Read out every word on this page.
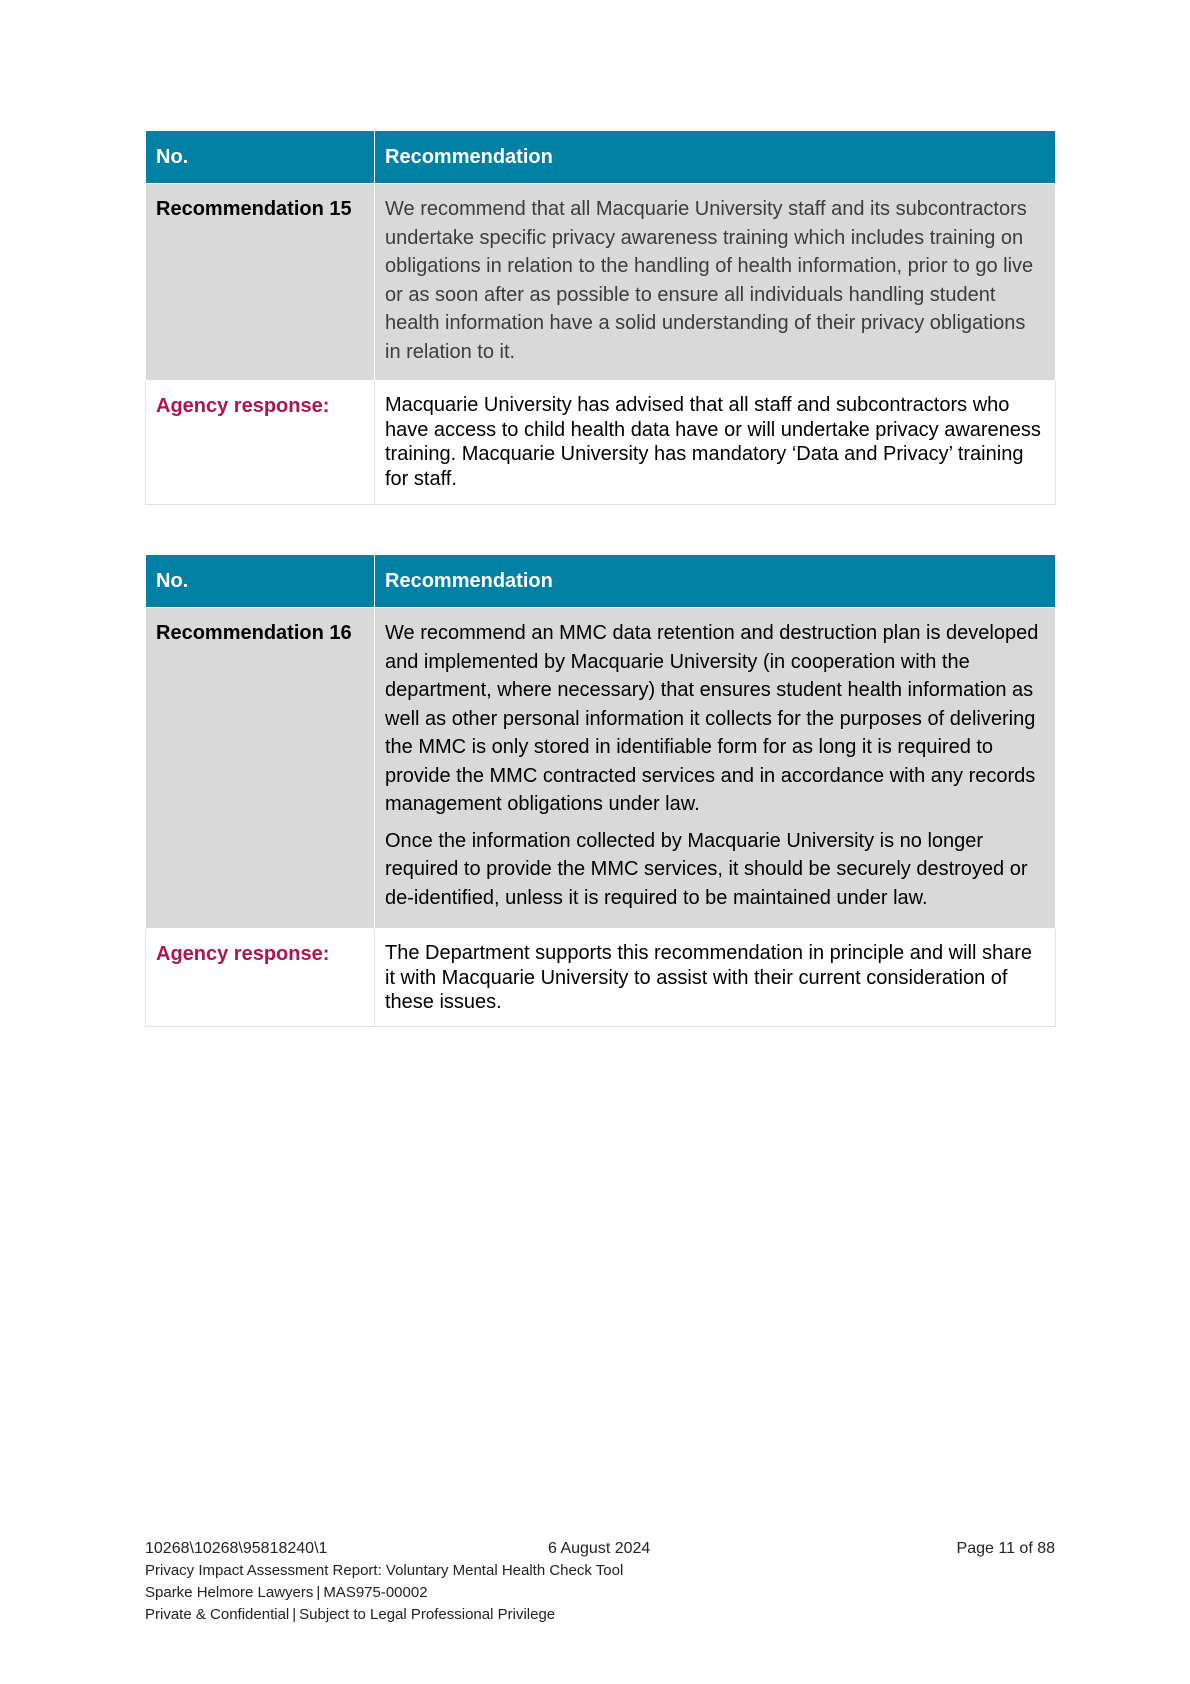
No.	Recommendation
Recommendation 15	We recommend that all Macquarie University staff and its subcontractors undertake specific privacy awareness training which includes training on obligations in relation to the handling of health information, prior to go live or as soon after as possible to ensure all individuals handling student health information have a solid understanding of their privacy obligations in relation to it.

Agency response:	Macquarie University has advised that all staff and subcontractors who have access to child health data have or will undertake privacy awareness training. Macquarie University has mandatory ‘Data and Privacy’ training for staff.
No.	Recommendation
Recommendation 16	We recommend an MMC data retention and destruction plan is developed and implemented by Macquarie University (in cooperation with the department, where necessary) that ensures student health information as well as other personal information it collects for the purposes of delivering the MMC is only stored in identifiable form for as long it is required to provide the MMC contracted services and in accordance with any records management obligations under law.

Once the information collected by Macquarie University is no longer required to provide the MMC services, it should be securely destroyed or de-identified, unless it is required to be maintained under law.

Agency response:	The Department supports this recommendation in principle and will share it with Macquarie University to assist with their current consideration of these issues.
10268\10268\95818240\1	6 August 2024	Page 11 of 88
Privacy Impact Assessment Report: Voluntary Mental Health Check Tool
Sparke Helmore Lawyers | MAS975-00002
Private & Confidential | Subject to Legal Professional Privilege
